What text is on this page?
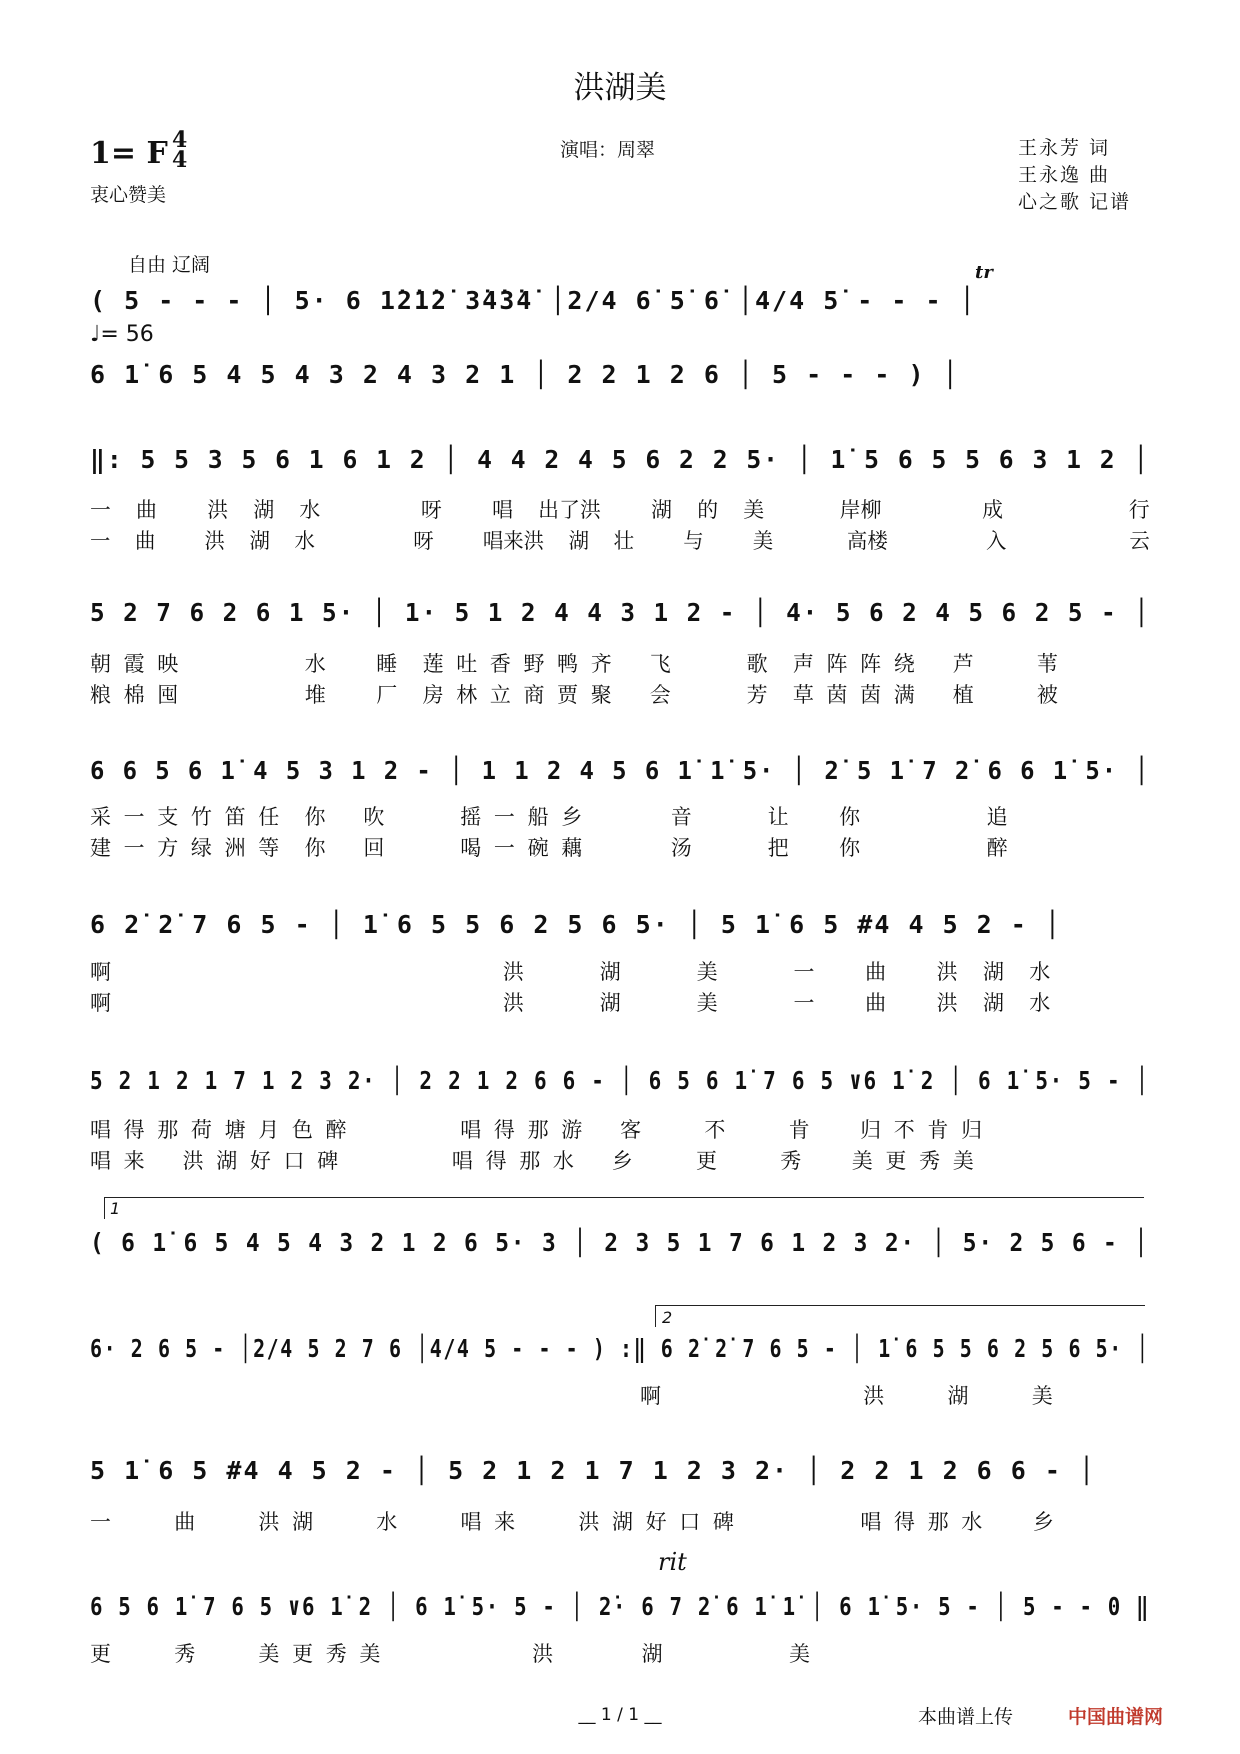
洪湖美
1= F 4
4
衷心赞美
演唱：周翠	王永芳 词
王永逸 曲
心之歌 记谱
自由 辽阔
♩= 56
tr
rit
( 5 - - - │ 5· 6 1̇2̇1̇2̇ 3̇4̇3̇4̇ │2/4 6̇ 5̇ 6̇ │4/4 5̇ - - - │
6 1̇ 6 5 4 5 4 3 2 4 3 2 1 │ 2 2 1 2 6 │ 5 - - - ) │
‖: 5 5 3 5 6 1 6 1 2 │ 4 4 2 4 5 6 2 2 5· │ 1̇ 5 6 5 5 6 3 1 2 │
一  曲    洪  湖  水        呀    唱  出了洪    湖  的  美      岸柳        成          行
一  曲    洪  湖  水        呀    唱来洪  湖  壮    与    美      高楼        入          云
5 2 7 6 2 6 1 5· │ 1· 5 1 2 4 4 3 1 2 - │ 4· 5 6 2 4 5 6 2 5 - │
朝 霞 映          水    睡  莲 吐 香 野 鸭 齐   飞      歌  声 阵 阵 绕   芦     苇
粮 棉 囤          堆    厂  房 林 立 商 贾 聚   会      芳  草 茵 茵 满   植     被
6 6 5 6 1̇ 4 5 3 1 2 - │ 1 1 2 4 5 6 1̇ 1̇ 5· │ 2̇ 5 1̇ 7 2̇ 6 6 1̇ 5· │
采 一 支 竹 笛 任  你   吹      摇 一 船 乡       音      让    你          追
建 一 方 绿 洲 等  你   回      喝 一 碗 藕       汤      把    你          醉
6 2̇ 2̇ 7 6 5 - │ 1̇ 6 5 5 6 2 5 6 5· │ 5 1̇ 6 5 #4 4 5 2 - │
啊                               洪      湖      美      一    曲    洪  湖  水
啊                               洪      湖      美      一    曲    洪  湖  水
5 2 1 2 1 7 1 2 3 2· │ 2 2 1 2 6 6 - │ 6 5 6 1̇ 7 6 5 ∨6 1̇ 2 │ 6 1̇ 5· 5 - │
唱 得 那 荷 塘 月 色 醉         唱 得 那 游   客     不     肯    归 不 肯 归
唱 来   洪 湖 好 口 碑         唱 得 那 水   乡     更     秀    美 更 秀 美
1
( 6 1̇ 6 5 4 5 4 3 2 1 2 6 5· 3 │ 2 3 5 1 7 6 1 2 3 2· │ 5· 2 5 6 - │
2
6· 2 6 5 - │2/4 5 2 7 6 │4/4 5 - - - ) :‖ 6 2̇ 2̇ 7 6 5 - │ 1̇ 6 5 5 6 2 5 6 5· │
啊                洪     湖     美
5 1̇ 6 5 #4 4 5 2 - │ 5 2 1 2 1 7 1 2 3 2· │ 2 2 1 2 6 6 - │
一     曲     洪 湖     水     唱 来     洪 湖 好 口 碑          唱 得 那 水    乡
6 5 6 1̇ 7 6 5 ∨6 1̇ 2 │ 6 1̇ 5· 5 - │ 2̇· 6 7 2̇ 6 1̇ 1̇ │ 6 1̇ 5· 5 - │ 5 - - 0 ‖
更     秀     美 更 秀 美            洪       湖          美
__ 1 / 1 __	本曲谱上传	中国曲谱网
